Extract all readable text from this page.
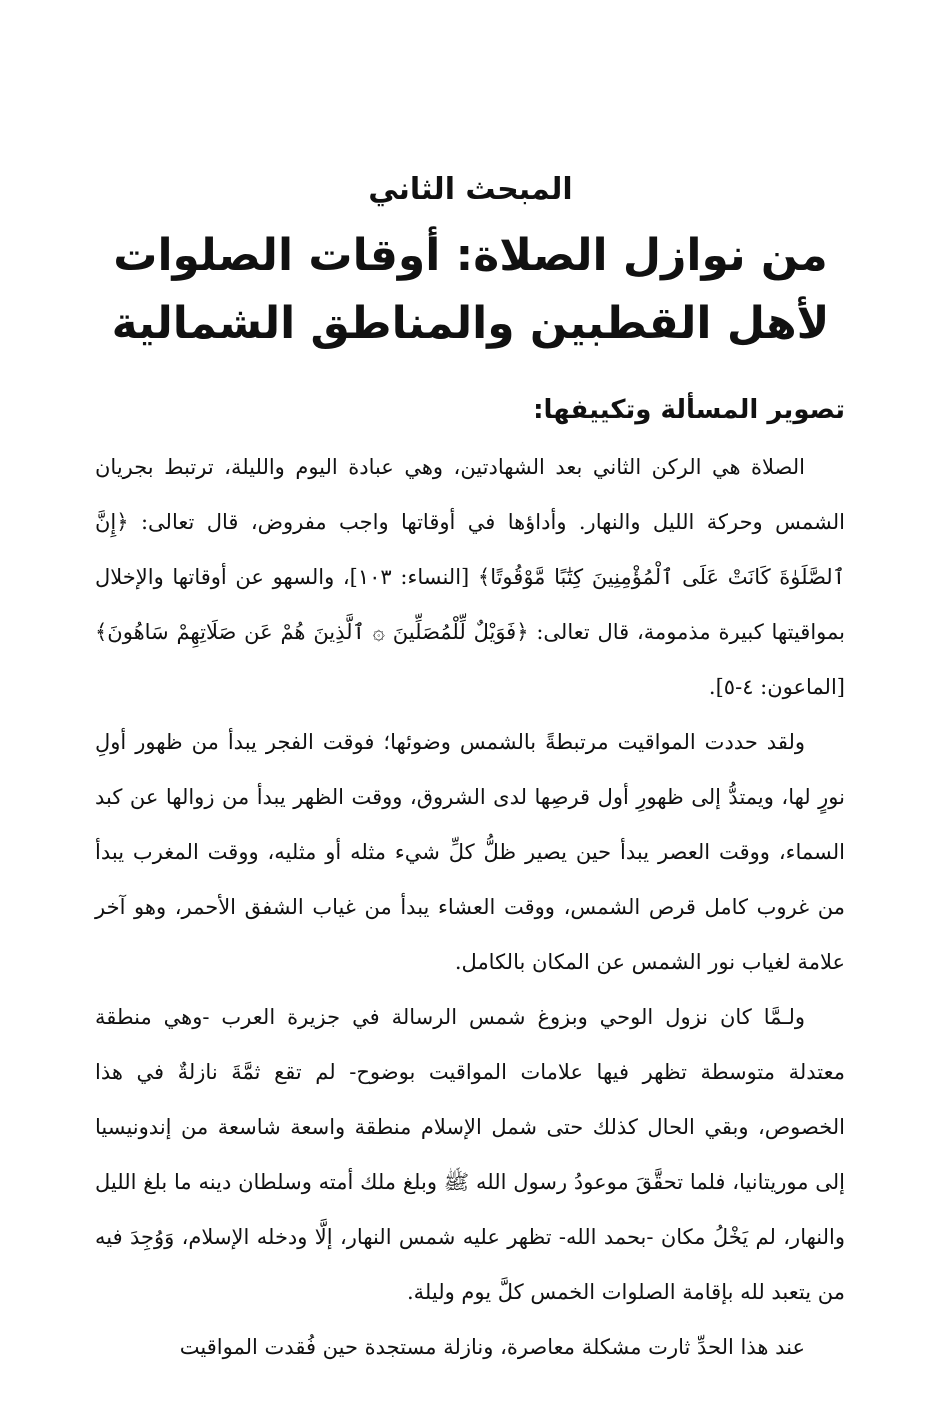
المبحث الثاني
من نوازل الصلاة: أوقات الصلوات
لأهل القطبين والمناطق الشمالية
تصوير المسألة وتكييفها:

الصلاة هي الركن الثاني بعد الشهادتين، وهي عبادة اليوم والليلة، ترتبط بجريان الشمس وحركة الليل والنهار. وأداؤها في أوقاتها واجب مفروض، قال تعالى: ﴿إِنَّ ٱلصَّلَوٰةَ كَانَتْ عَلَى ٱلْمُؤْمِنِينَ كِتَٰبًا مَّوْقُوتًا﴾ [النساء: ١٠٣]، والسهو عن أوقاتها والإخلال بمواقيتها كبيرة مذمومة، قال تعالى: ﴿فَوَيْلٌ لِّلْمُصَلِّينَ ۞ ٱلَّذِينَ هُمْ عَن صَلَاتِهِمْ سَاهُونَ﴾ [الماعون: ٤-٥].

ولقد حددت المواقيت مرتبطةً بالشمس وضوئها؛ فوقت الفجر يبدأ من ظهور أولِ نورٍ لها، ويمتدُّ إلى ظهورِ أول قرصِها لدى الشروق، ووقت الظهر يبدأ من زوالها عن كبد السماء، ووقت العصر يبدأ حين يصير ظلُّ كلِّ شيء مثله أو مثليه، ووقت المغرب يبدأ من غروب كامل قرص الشمس، ووقت العشاء يبدأ من غياب الشفق الأحمر، وهو آخر علامة لغياب نور الشمس عن المكان بالكامل.

ولـمَّا كان نزول الوحي وبزوغ شمس الرسالة في جزيرة العرب -وهي منطقة معتدلة متوسطة تظهر فيها علامات المواقيت بوضوح- لم تقع ثمَّةَ نازلةٌ في هذا الخصوص، وبقي الحال كذلك حتى شمل الإسلام منطقة واسعة شاسعة من إندونيسيا إلى موريتانيا، فلما تحقَّقَ موعودُ رسول الله ﷺ وبلغ ملك أمته وسلطان دينه ما بلغ الليل والنهار، لم يَخْلُ مكان -بحمد الله- تظهر عليه شمس النهار، إلَّا ودخله الإسلام، وَوُجِدَ فيه من يتعبد لله بإقامة الصلوات الخمس كلَّ يوم وليلة.

عند هذا الحدِّ ثارت مشكلة معاصرة، ونازلة مستجدة حين فُقدت المواقيت
